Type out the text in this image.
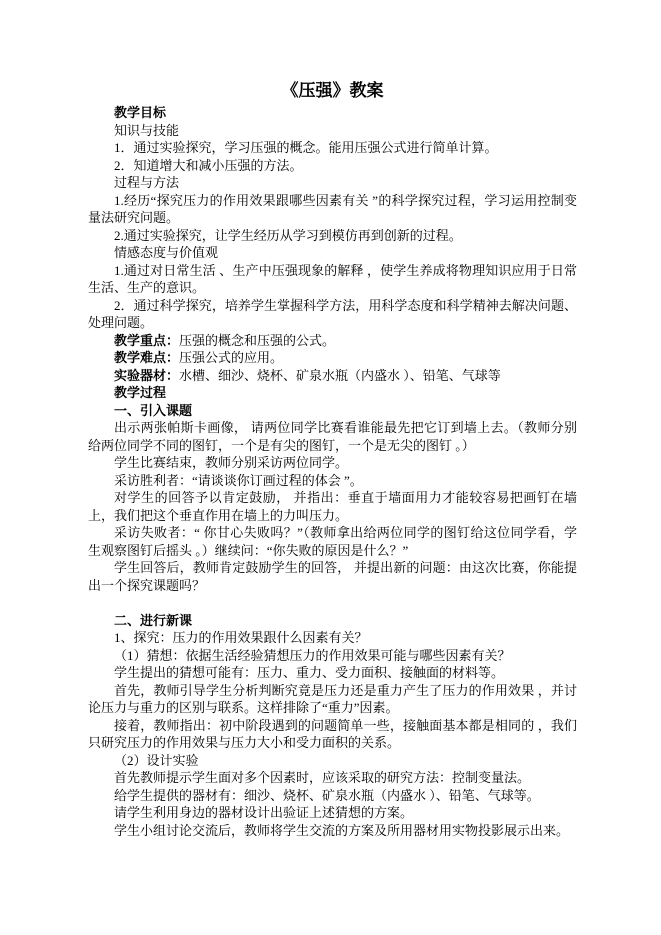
《压强》教案

教学目标

知识与技能

1．通过实验探究，学习压强的概念。能用压强公式进行简单计算。

2．知道增大和减小压强的方法。

过程与方法

1.经历“探究压力的作用效果跟哪些因素有关 ”的科学探究过程，学习运用控制变量法研究问题。

2.通过实验探究，让学生经历从学习到模仿再到创新的过程。

情感态度与价值观

1.通过对日常生活 、生产中压强现象的解释 ，使学生养成将物理知识应用于日常生活、生产的意识。

2．通过科学探究，培养学生掌握科学方法，用科学态度和科学精神去解决问题、处理问题。

教学重点：压强的概念和压强的公式。

教学难点：压强公式的应用。

实验器材：水槽、细沙、烧杯、矿泉水瓶（内盛水 ）、铅笔、气球等

教学过程

一、引入课题

出示两张帕斯卡画像， 请两位同学比赛看谁能最先把它订到墙上去。（教师分别给两位同学不同的图钉，一个是有尖的图钉，一个是无尖的图钉 。）

学生比赛结束，教师分别采访两位同学。

采访胜利者：“请谈谈你订画过程的体会 ”。

对学生的回答予以肯定鼓励， 并指出：垂直于墙面用力才能较容易把画钉在墙上，我们把这个垂直作用在墙上的力叫压力。

采访失败者：“ 你甘心失败吗？”（教师拿出给两位同学的图钉给这位同学看，学生观察图钉后摇头 。）继续问：“你失败的原因是什么？”

学生回答后，教师肯定鼓励学生的回答， 并提出新的问题：由这次比赛，你能提出一个探究课题吗？

二、进行新课

1、探究：压力的作用效果跟什么因素有关？

（1）猜想：依据生活经验猜想压力的作用效果可能与哪些因素有关？

学生提出的猜想可能有：压力、重力、受力面积、接触面的材料等。

首先，教师引导学生分析判断究竟是压力还是重力产生了压力的作用效果 ，并讨论压力与重力的区别与联系。这样排除了“重力”因素。

接着，教师指出：初中阶段遇到的问题简单一些，接触面基本都是相同的 ，我们只研究压力的作用效果与压力大小和受力面积的关系。

（2）设计实验

首先教师提示学生面对多个因素时，应该采取的研究方法：控制变量法。

给学生提供的器材有：细沙、烧杯、矿泉水瓶（内盛水 ）、铅笔、气球等。

请学生利用身边的器材设计出验证上述猜想的方案。

学生小组讨论交流后，教师将学生交流的方案及所用器材用实物投影展示出来。
